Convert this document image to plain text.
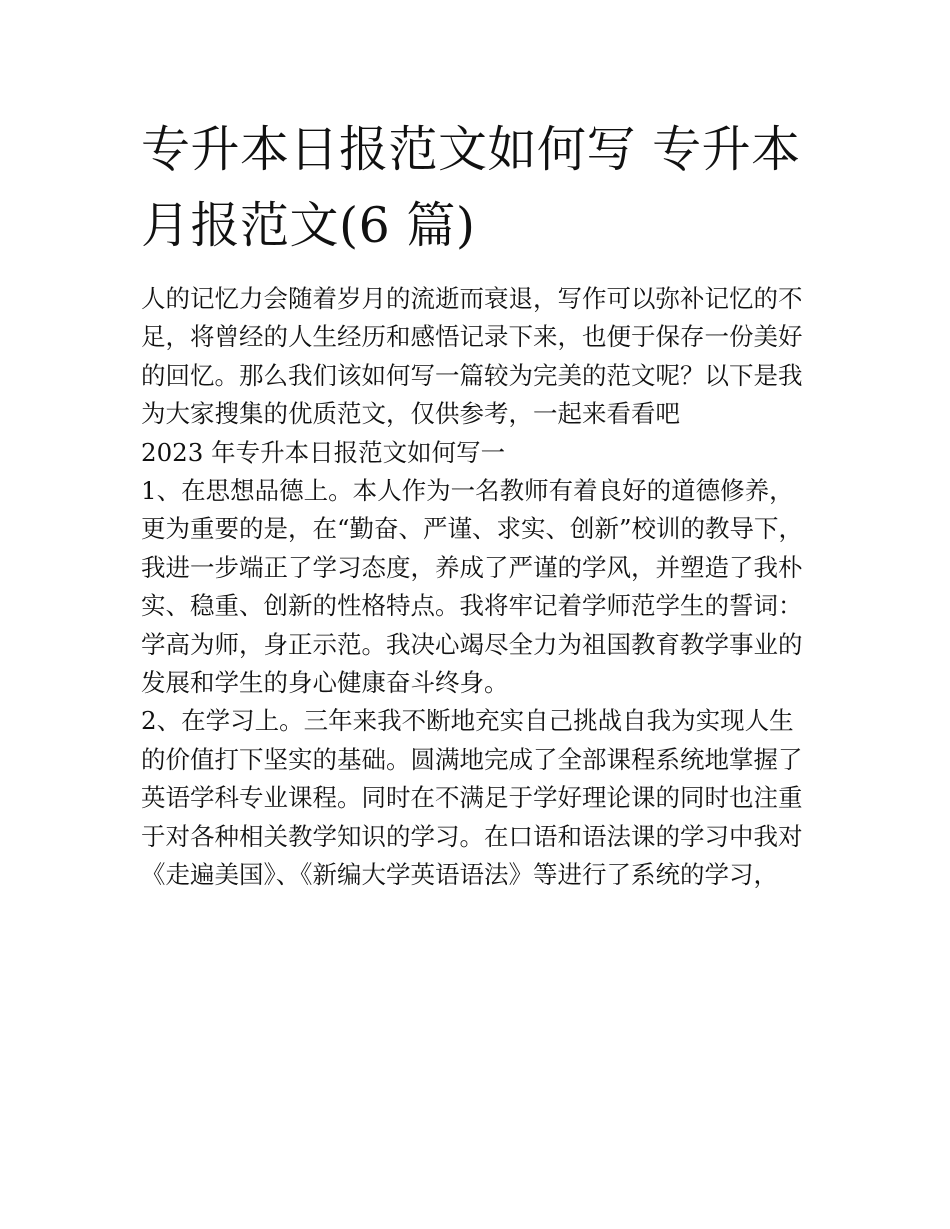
专升本日报范文如何写 专升本
月报范文(6 篇)
人的记忆力会随着岁月的流逝而衰退，写作可以弥补记忆的不
足，将曾经的人生经历和感悟记录下来，也便于保存一份美好
的回忆。那么我们该如何写一篇较为完美的范文呢？以下是我
为大家搜集的优质范文，仅供参考，一起来看看吧
2023 年专升本日报范文如何写一
1、在思想品德上。本人作为一名教师有着良好的道德修养，
更为重要的是，在“勤奋、严谨、求实、创新”校训的教导下，
我进一步端正了学习态度，养成了严谨的学风，并塑造了我朴
实、稳重、创新的性格特点。我将牢记着学师范学生的誓词：
学高为师，身正示范。我决心竭尽全力为祖国教育教学事业的
发展和学生的身心健康奋斗终身。
2、在学习上。三年来我不断地充实自己挑战自我为实现人生
的价值打下坚实的基础。圆满地完成了全部课程系统地掌握了
英语学科专业课程。同时在不满足于学好理论课的同时也注重
于对各种相关教学知识的学习。在口语和语法课的学习中我对
《走遍美国》、《新编大学英语语法》等进行了系统的学习，
